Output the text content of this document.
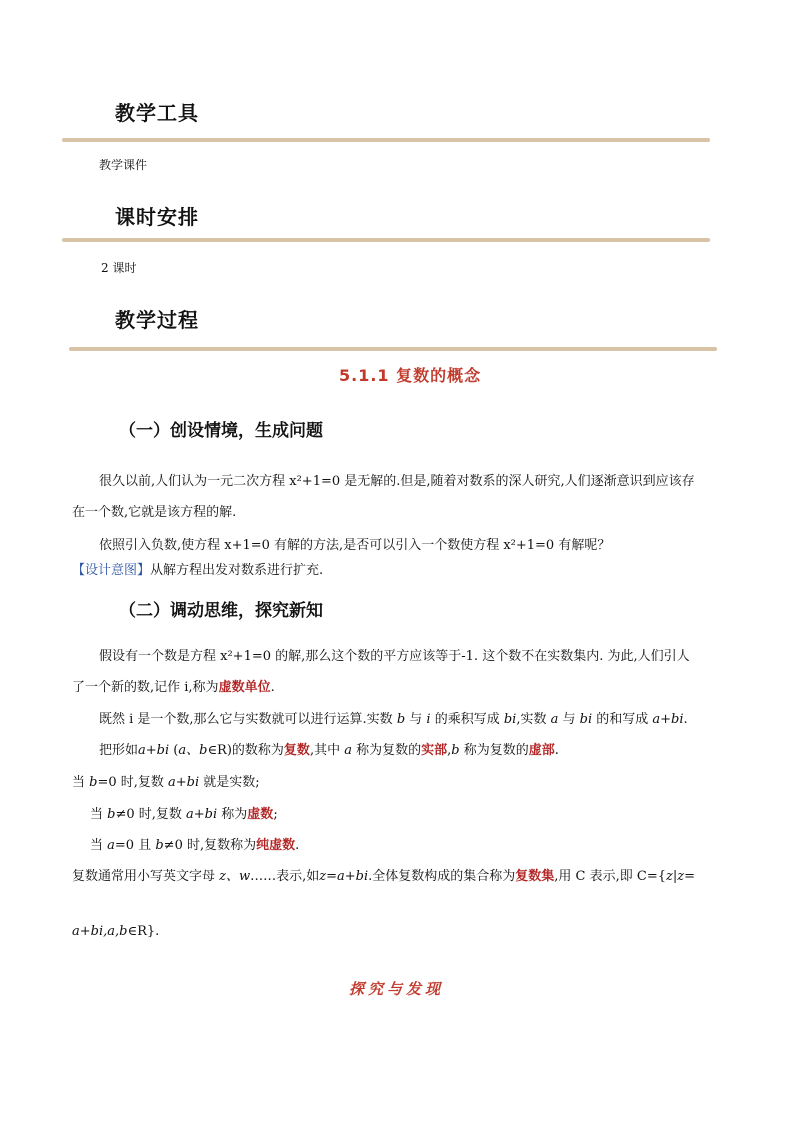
教学工具
教学课件
课时安排
2 课时
教学过程
5.1.1 复数的概念
（一）创设情境，生成问题
很久以前,人们认为一元二次方程 x²+1=0 是无解的.但是,随着对数系的深人研究,人们逐渐意识到应该存
在一个数,它就是该方程的解.
依照引入负数,使方程 x+1=0 有解的方法,是否可以引入一个数使方程 x²+1=0 有解呢？
【设计意图】从解方程出发对数系进行扩充.
（二）调动思维，探究新知
假设有一个数是方程 x²+1=0 的解,那么这个数的平方应该等于-1. 这个数不在实数集内. 为此,人们引人
了一个新的数,记作 i,称为虚数单位.
既然 i 是一个数,那么它与实数就可以进行运算.实数 b 与 i 的乘积写成 bi,实数 a 与 bi 的和写成 a+bi.
把形如a+bi (a、b∈R)的数称为复数,其中 a 称为复数的实部,b 称为复数的虚部.
当 b=0 时,复数 a+bi 就是实数;
当 b≠0 时,复数 a+bi 称为虚数;
当 a=0 且 b≠0 时,复数称为纯虚数.
复数通常用小写英文字母 z、w……表示,如z=a+bi.全体复数构成的集合称为复数集,用 C 表示,即 C={z|z=
a+bi,a,b∈R}.
探究与发现
